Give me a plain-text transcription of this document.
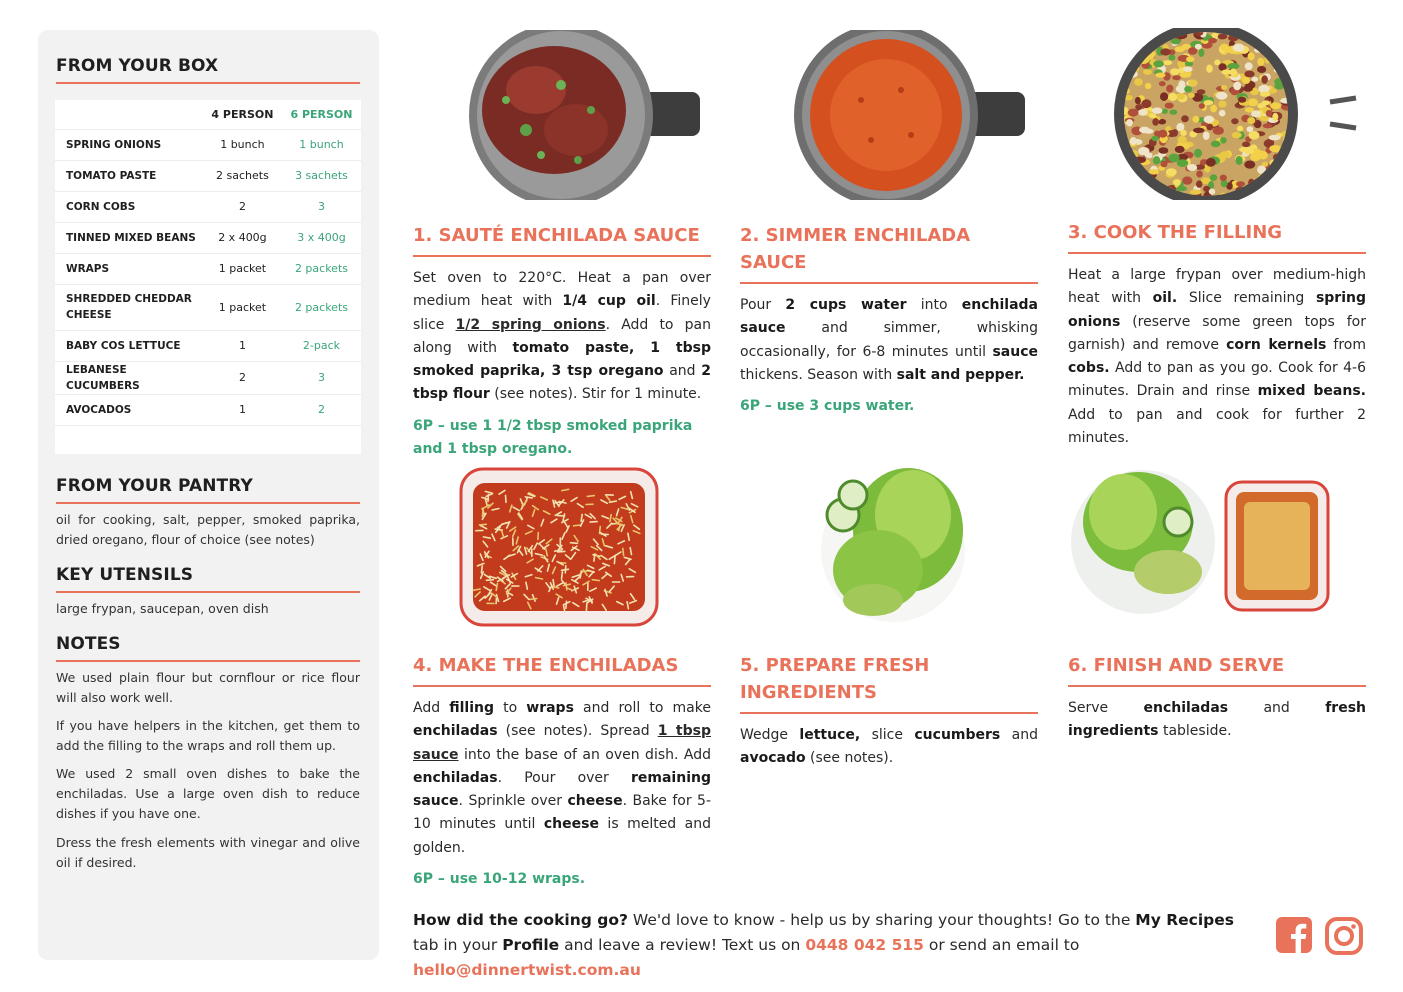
FROM YOUR BOX
	4 PERSON	6 PERSON
SPRING ONIONS	1 bunch	1 bunch
TOMATO PASTE	2 sachets	3 sachets
CORN COBS	2	3
TINNED MIXED BEANS	2 x 400g	3 x 400g
WRAPS	1 packet	2 packets
SHREDDED CHEDDAR CHEESE	1 packet	2 packets
BABY COS LETTUCE	1	2-pack
LEBANESE CUCUMBERS	2	3
AVOCADOS	1	2
FROM YOUR PANTRY
oil for cooking, salt, pepper, smoked paprika, dried oregano, flour of choice (see notes)
KEY UTENSILS
large frypan, saucepan, oven dish
NOTES
We used plain flour but cornflour or rice flour will also work well.
If you have helpers in the kitchen, get them to add the filling to the wraps and roll them up.
We used 2 small oven dishes to bake the enchiladas. Use a large oven dish to reduce dishes if you have one.
Dress the fresh elements with vinegar and olive oil if desired.
1. SAUTÉ ENCHILADA SAUCE
Set oven to 220°C. Heat a pan over medium heat with 1/4 cup oil. Finely slice 1/2 spring onions. Add to pan along with tomato paste, 1 tbsp smoked paprika, 3 tsp oregano and 2 tbsp flour (see notes). Stir for 1 minute.
6P – use 1 1/2 tbsp smoked paprika and 1 tbsp oregano.
2. SIMMER ENCHILADA SAUCE
Pour 2 cups water into enchilada sauce and simmer, whisking occasionally, for 6-8 minutes until sauce thickens. Season with salt and pepper.
6P – use 3 cups water.
3. COOK THE FILLING
Heat a large frypan over medium-high heat with oil. Slice remaining spring onions (reserve some green tops for garnish) and remove corn kernels from cobs. Add to pan as you go. Cook for 4-6 minutes. Drain and rinse mixed beans. Add to pan and cook for further 2 minutes.
4. MAKE THE ENCHILADAS
Add filling to wraps and roll to make enchiladas (see notes). Spread 1 tbsp sauce into the base of an oven dish. Add enchiladas. Pour over remaining sauce. Sprinkle over cheese. Bake for 5-10 minutes until cheese is melted and golden.
6P – use 10-12 wraps.
5. PREPARE FRESH INGREDIENTS
Wedge lettuce, slice cucumbers and avocado (see notes).
6. FINISH AND SERVE
Serve enchiladas and fresh ingredients tableside.
How did the cooking go? We'd love to know - help us by sharing your thoughts! Go to the My Recipes tab in your Profile and leave a review! Text us on 0448 042 515 or send an email to hello@dinnertwist.com.au
